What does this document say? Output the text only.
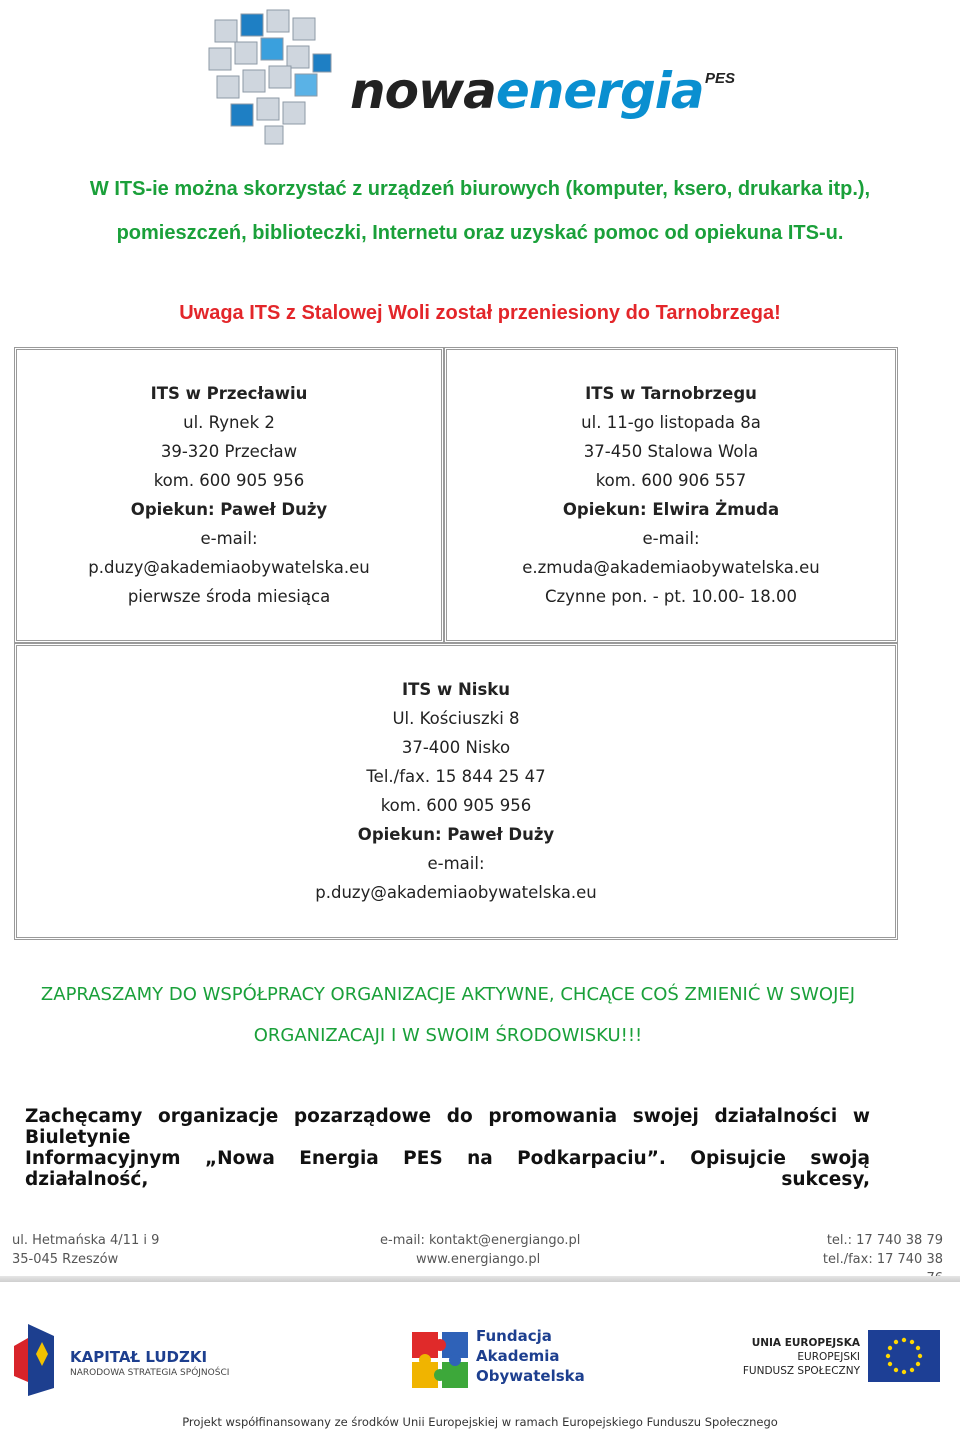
nowaenergia PES
W ITS-ie można skorzystać z urządzeń biurowych (komputer, ksero, drukarka itp.),
pomieszczeń, biblioteczki, Internetu oraz uzyskać pomoc od opiekuna ITS-u.
Uwaga ITS z Stalowej Woli został przeniesiony do Tarnobrzega!
ITS w Przecławiu
ul. Rynek 2
39-320 Przecław
kom. 600 905 956
Opiekun: Paweł Duży
e-mail:
p.duzy@akademiaobywatelska.eu
pierwsze środa miesiąca
ITS w Tarnobrzegu
ul. 11-go listopada 8a
37-450 Stalowa Wola
kom. 600 906 557
Opiekun: Elwira Żmuda
e-mail:
e.zmuda@akademiaobywatelska.eu
Czynne pon. - pt. 10.00- 18.00
ITS w Nisku
Ul. Kościuszki 8
37-400 Nisko
Tel./fax. 15 844 25 47
kom. 600 905 956
Opiekun: Paweł Duży
e-mail:
p.duzy@akademiaobywatelska.eu
ZAPRASZAMY DO WSPÓŁPRACY ORGANIZACJE AKTYWNE, CHCĄCE COŚ ZMIENIĆ W SWOJEJ
ORGANIZACAJI I W SWOIM ŚRODOWISKU!!!
Zachęcamy organizacje pozarządowe do promowania swojej działalności w Biuletynie
Informacyjnym „Nowa Energia PES na Podkarpaciu”. Opisujcie swoją działalność, sukcesy,
ul. Hetmańska 4/11 i 9
35-045 Rzeszów
e-mail: kontakt@energiango.pl
www.energiango.pl
tel.: 17 740 38 79
tel./fax: 17 740 38
KAPITAŁ LUDZKI
NARODOWA STRATEGIA SPÓJNOŚCI
Fundacja
Akademia
Obywatelska
UNIA EUROPEJSKA
EUROPEJSKI
FUNDUSZ SPOŁECZNY
Projekt współfinansowany ze środków Unii Europejskiej w ramach Europejskiego Funduszu Społecznego
